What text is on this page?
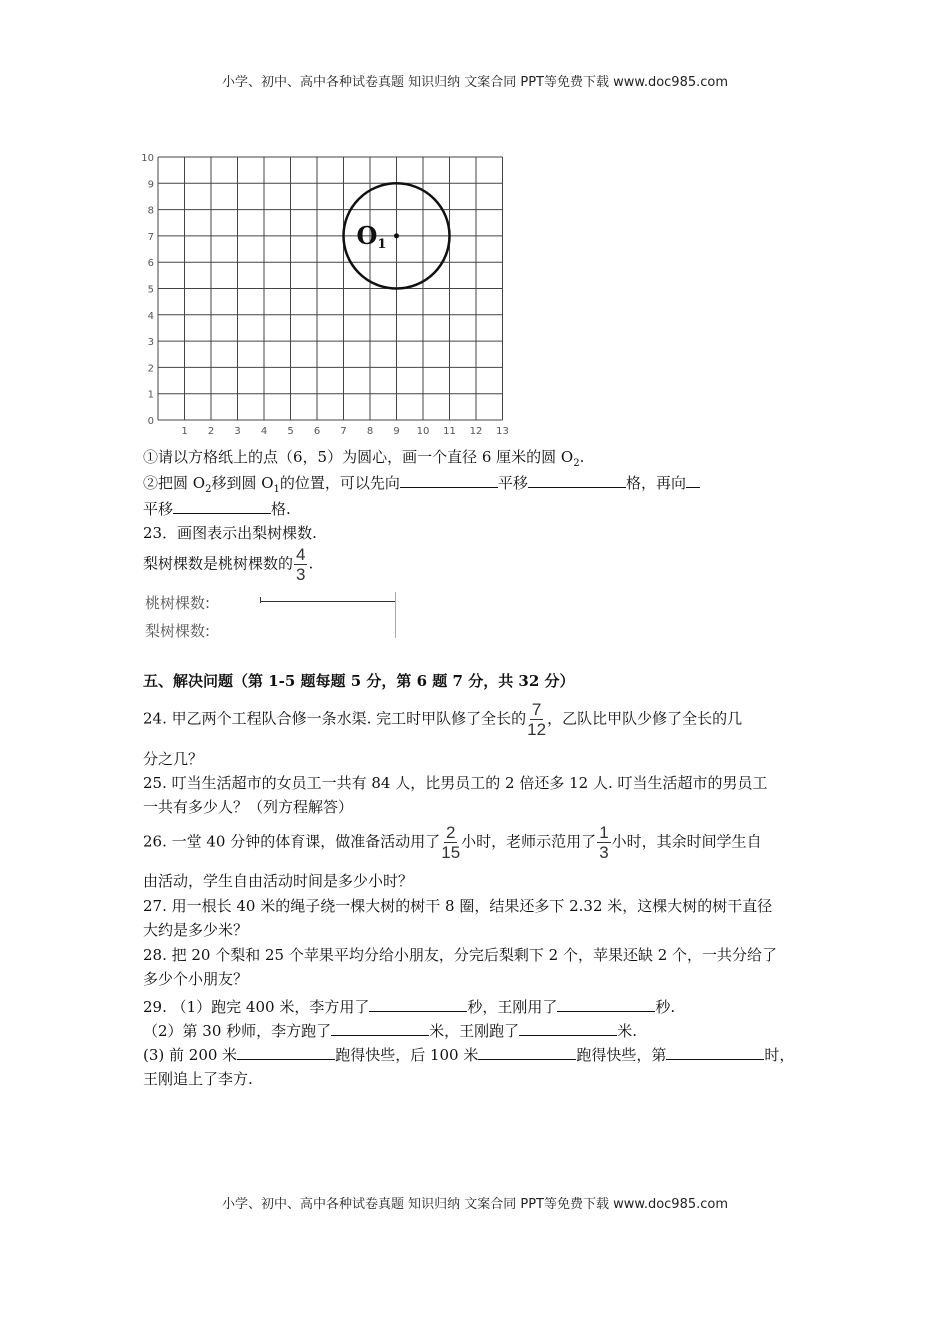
小学、初中、高中各种试卷真题 知识归纳 文案合同 PPT等免费下载 www.doc985.com
1 2 3 4 5 6 7 8 9 10 11 12 13
0
1
2
3
4
5
6
7
8
9
10
O1
①请以方格纸上的点（6，5）为圆心，画一个直径 6 厘米的圆 $O_2$.
②把圆 $O_2$移到圆 $O_1$的位置，可以先向	平移	格，再向
平移	格.
23．画图表示出梨树棵数.
梨树棵数是桃树棵数的 $\frac{4}{3}$ .
桃树棵数:
梨树棵数:
五、解决问题（第 1-5 题每题 5 分，第 6 题 7 分，共 32 分）
24. 甲乙两个工程队合修一条水渠. 完工时甲队修了全长的 $\frac{7}{12}$ ，乙队比甲队少修了全长的几
分之几？
25. 叮当生活超市的女员工一共有 84 人，比男员工的 2 倍还多 12 人. 叮当生活超市的男员工
一共有多少人？（列方程解答）
26. 一堂 40 分钟的体育课，做准备活动用了 $\frac{2}{15}$ 小时，老师示范用了 $\frac{1}{3}$ 小时，其余时间学生自
由活动，学生自由活动时间是多少小时？
27. 用一根长 40 米的绳子绕一棵大树的树干 8 圈，结果还多下 2.32 米，这棵大树的树干直径
大约是多少米？
28. 把 20 个梨和 25 个苹果平均分给小朋友，分完后梨剩下 2 个，苹果还缺 2 个，一共分给了
多少个小朋友？
29. （1）跑完 400 米，李方用了	秒，王刚用了	秒.
（2）第 30 秒师，李方跑了	米，王刚跑了	米.
(3) 前 200 米	跑得快些，后 100 米	跑得快些，第	时，
王刚追上了李方.
小学、初中、高中各种试卷真题 知识归纳 文案合同 PPT等免费下载 www.doc985.com
